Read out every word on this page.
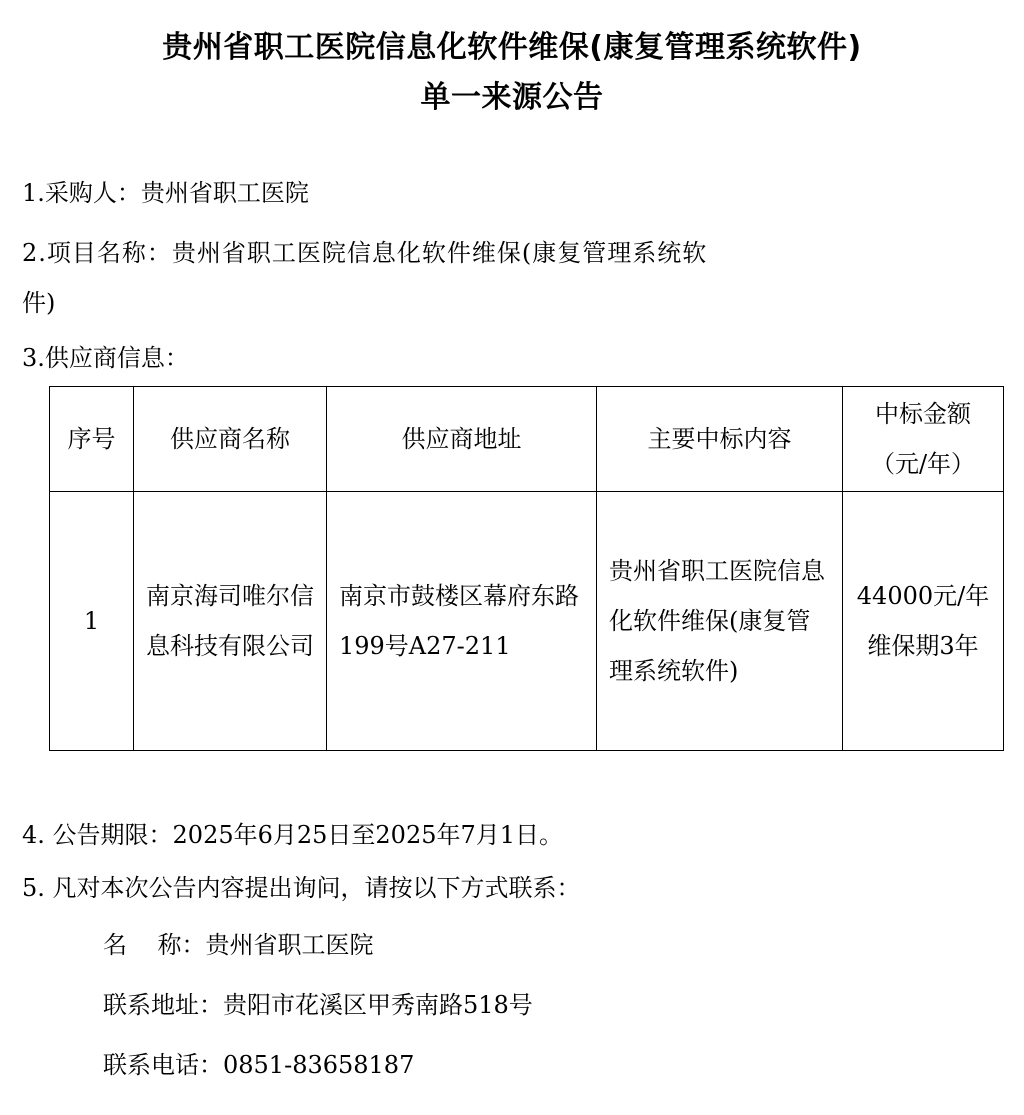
贵州省职工医院信息化软件维保(康复管理系统软件)
单一来源公告
1.采购人：贵州省职工医院
2.项目名称：贵州省职工医院信息化软件维保(康复管理系统软
件)
3.供应商信息：
序号	供应商名称	供应商地址	主要中标内容	中标金额
（元/年）

1	南京海司唯尔信息科技有限公司	南京市鼓楼区幕府东路199号A27-211	贵州省职工医院信息化软件维保(康复管理系统软件)	44000元/年
维保期3年
4. 公告期限：2025年6月25日至2025年7月1日。
5. 凡对本次公告内容提出询问，请按以下方式联系：
名    称：贵州省职工医院
联系地址：贵阳市花溪区甲秀南路518号
联系电话：0851-83658187
